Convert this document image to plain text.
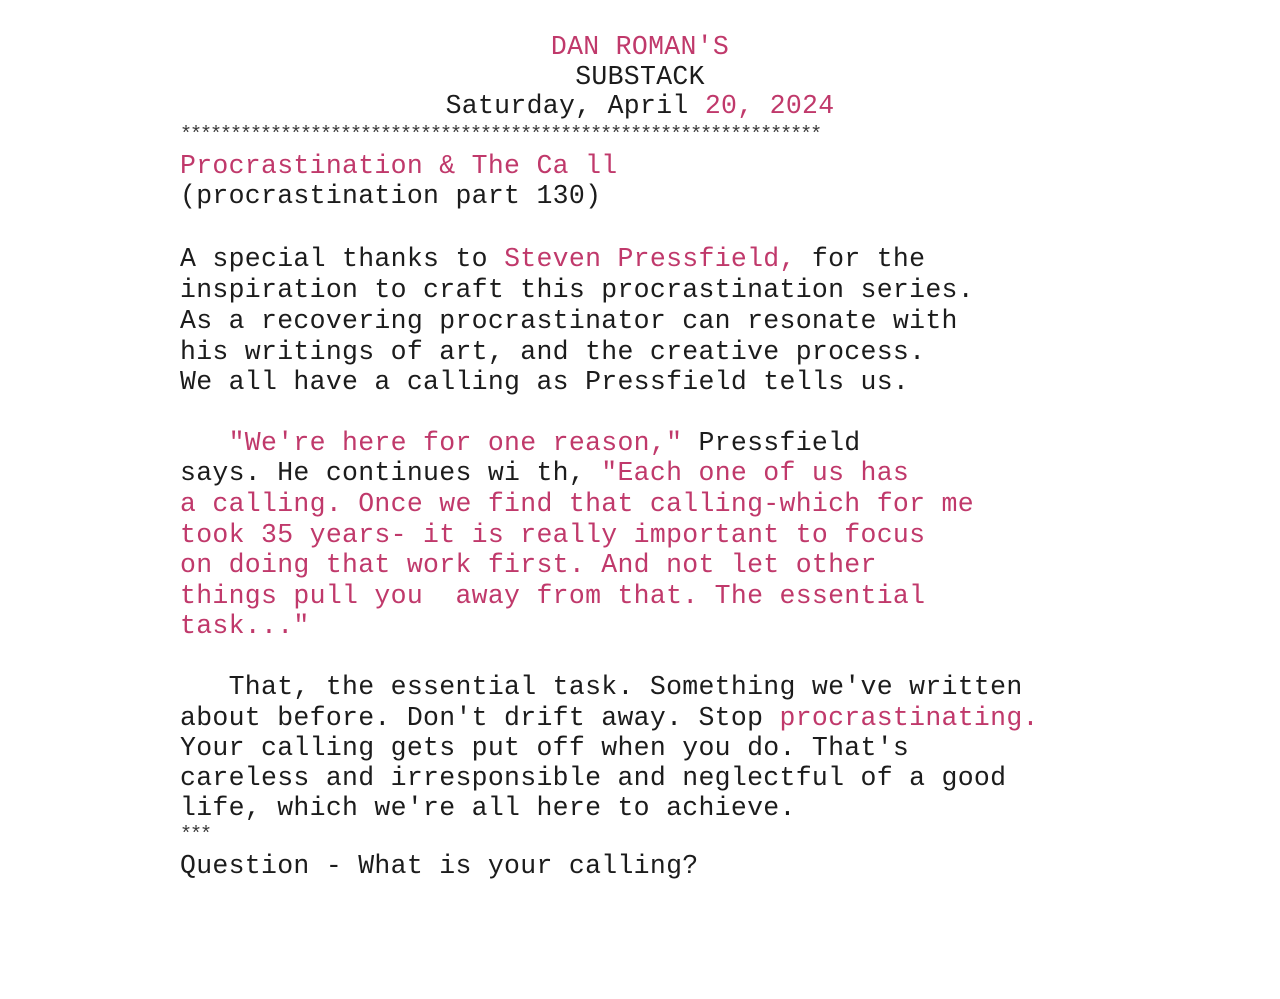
DAN ROMAN'S
SUBSTACK
Saturday, April 20, 2024
****************************************************************
Procrastination & The Ca ll
(procrastination part 130)
A special thanks to Steven Pressfield, for the
inspiration to craft this procrastination series.
As a recovering procrastinator can resonate with
his writings of art, and the creative process.
We all have a calling as Pressfield tells us.
"We're here for one reason," Pressfield
says. He continues wi th, "Each one of us has
a calling. Once we find that calling-which for me
took 35 years- it is really important to focus
on doing that work first. And not let other
things pull you  away from that. The essential
task..."
That, the essential task. Something we've written
about before. Don't drift away. Stop procrastinating.
Your calling gets put off when you do. That's
careless and irresponsible and neglectful of a good
life, which we're all here to achieve.
***
Question - What is your calling?
